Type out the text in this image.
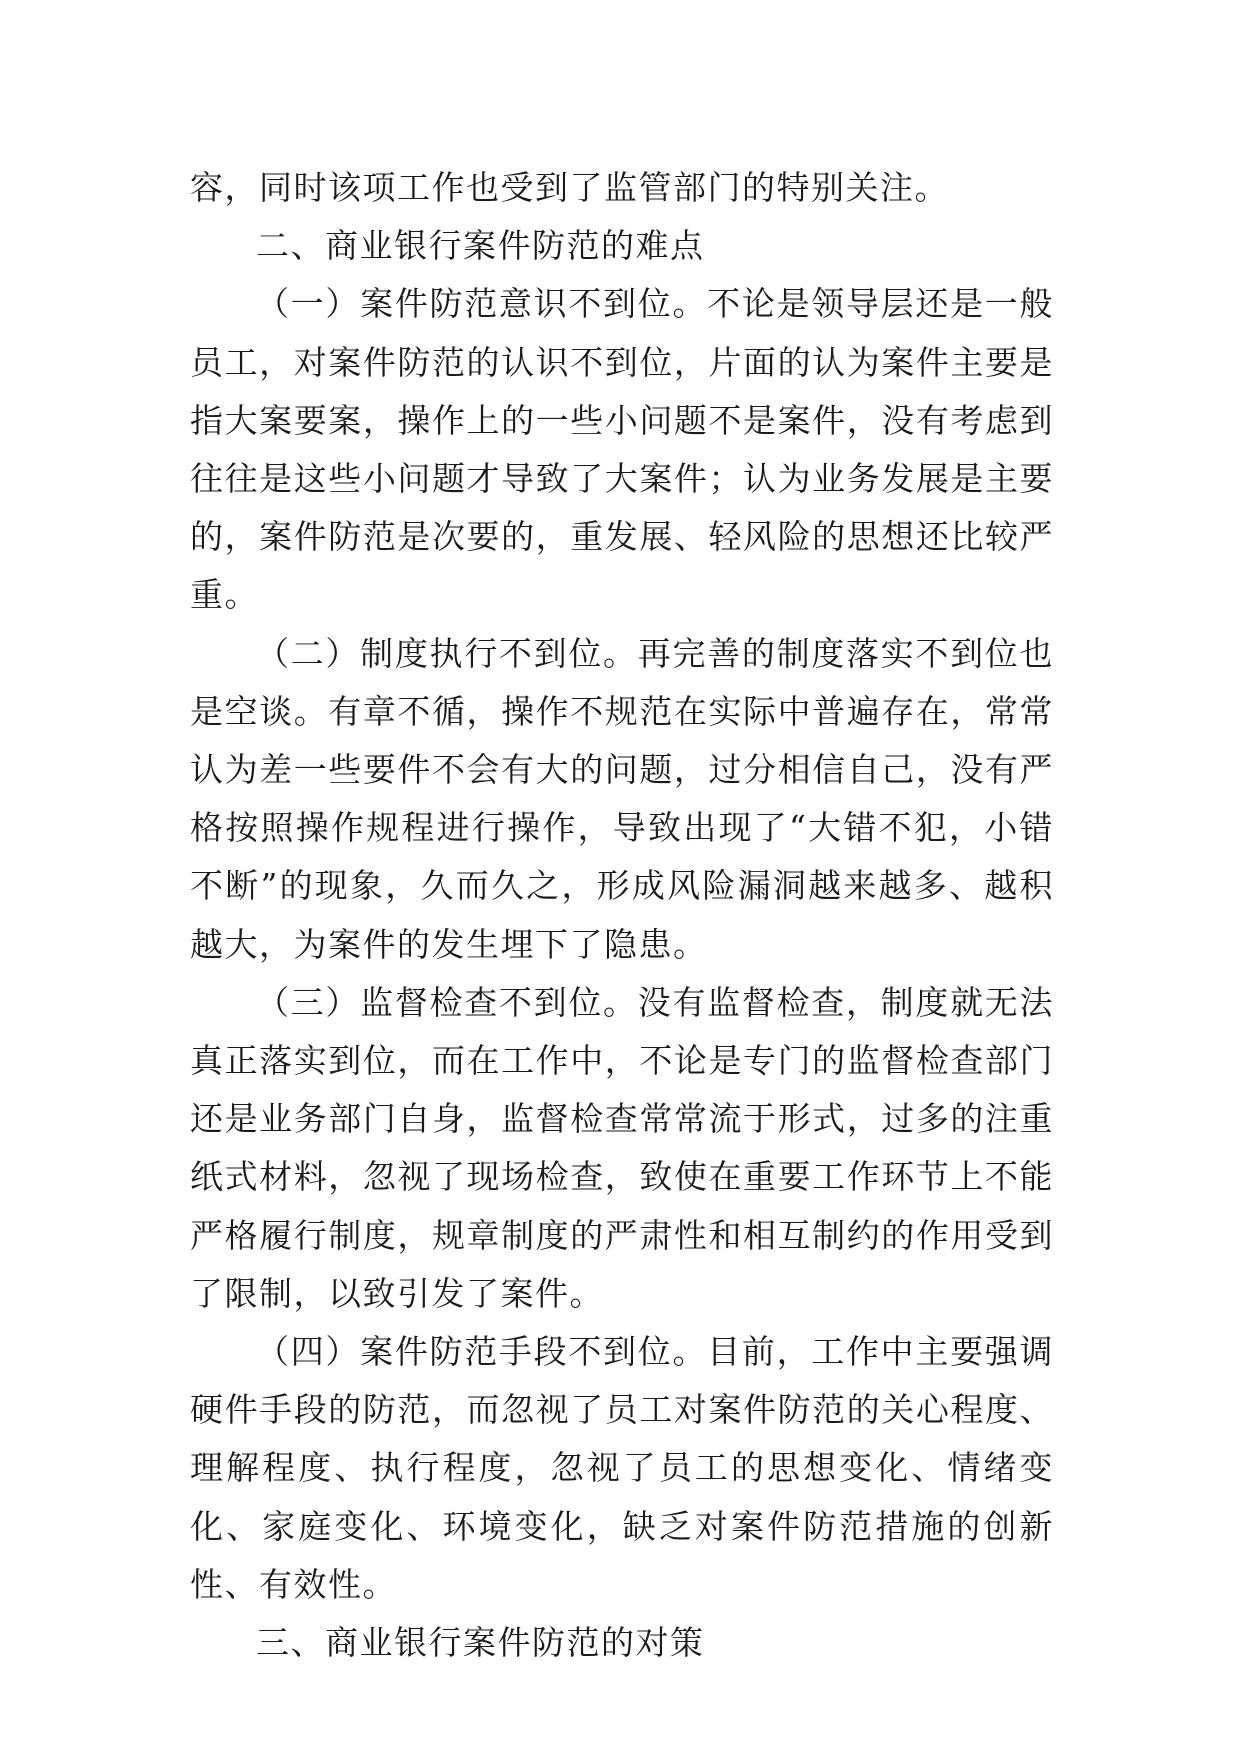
容，同时该项工作也受到了监管部门的特别关注。

二、商业银行案件防范的难点

（一）案件防范意识不到位。不论是领导层还是一般员工，对案件防范的认识不到位，片面的认为案件主要是指大案要案，操作上的一些小问题不是案件，没有考虑到往往是这些小问题才导致了大案件；认为业务发展是主要的，案件防范是次要的，重发展、轻风险的思想还比较严重。

（二）制度执行不到位。再完善的制度落实不到位也是空谈。有章不循，操作不规范在实际中普遍存在，常常认为差一些要件不会有大的问题，过分相信自己，没有严格按照操作规程进行操作，导致出现了“大错不犯，小错不断”的现象，久而久之，形成风险漏洞越来越多、越积越大，为案件的发生埋下了隐患。

（三）监督检查不到位。没有监督检查，制度就无法真正落实到位，而在工作中，不论是专门的监督检查部门还是业务部门自身，监督检查常常流于形式，过多的注重纸式材料，忽视了现场检查，致使在重要工作环节上不能严格履行制度，规章制度的严肃性和相互制约的作用受到了限制，以致引发了案件。

（四）案件防范手段不到位。目前，工作中主要强调硬件手段的防范，而忽视了员工对案件防范的关心程度、理解程度、执行程度，忽视了员工的思想变化、情绪变化、家庭变化、环境变化，缺乏对案件防范措施的创新性、有效性。

三、商业银行案件防范的对策
